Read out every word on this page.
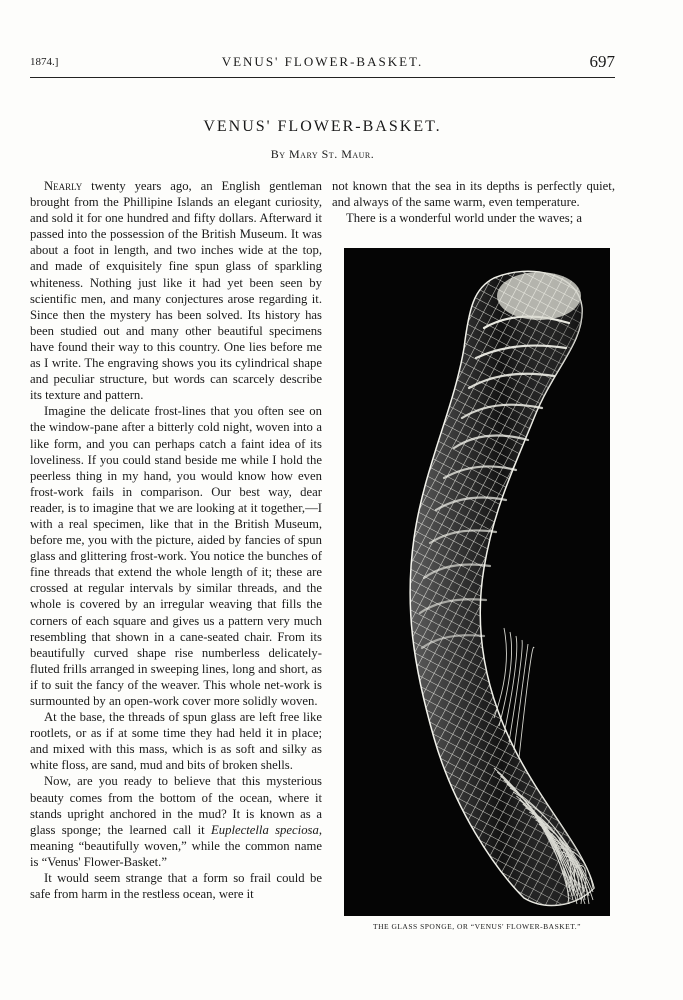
1874.]	VENUS' FLOWER-BASKET.	697
VENUS' FLOWER-BASKET.
By Mary St. Maur.

Nearly twenty years ago, an English gentleman brought from the Phillipine Islands an elegant curiosity, and sold it for one hundred and fifty dollars. Afterward it passed into the possession of the British Museum. It was about a foot in length, and two inches wide at the top, and made of exquisitely fine spun glass of sparkling whiteness. Nothing just like it had yet been seen by scientific men, and many conjectures arose regarding it. Since then the mystery has been solved. Its history has been studied out and many other beautiful specimens have found their way to this country. One lies before me as I write. The engraving shows you its cylindrical shape and peculiar structure, but words can scarcely describe its texture and pattern.

Imagine the delicate frost-lines that you often see on the window-pane after a bitterly cold night, woven into a like form, and you can perhaps catch a faint idea of its loveliness. If you could stand beside me while I hold the peerless thing in my hand, you would know how even frost-work fails in comparison. Our best way, dear reader, is to imagine that we are looking at it together,—I with a real specimen, like that in the British Museum, before me, you with the picture, aided by fancies of spun glass and glittering frost-work. You notice the bunches of fine threads that extend the whole length of it; these are crossed at regular intervals by similar threads, and the whole is covered by an irregular weaving that fills the corners of each square and gives us a pattern very much resembling that shown in a cane-seated chair. From its beautifully curved shape rise numberless delicately-fluted frills arranged in sweeping lines, long and short, as if to suit the fancy of the weaver. This whole net-work is surmounted by an open-work cover more solidly woven.

At the base, the threads of spun glass are left free like rootlets, or as if at some time they had held it in place; and mixed with this mass, which is as soft and silky as white floss, are sand, mud and bits of broken shells.

Now, are you ready to believe that this mysterious beauty comes from the bottom of the ocean, where it stands upright anchored in the mud? It is known as a glass sponge; the learned call it Euplectella speciosa, meaning “beautifully woven,” while the common name is “Venus' Flower-Basket.”

It would seem strange that a form so frail could be safe from harm in the restless ocean, were it

not known that the sea in its depths is perfectly quiet, and always of the same warm, even temperature.

There is a wonderful world under the waves; a

THE GLASS SPONGE, OR “VENUS' FLOWER-BASKET.”
